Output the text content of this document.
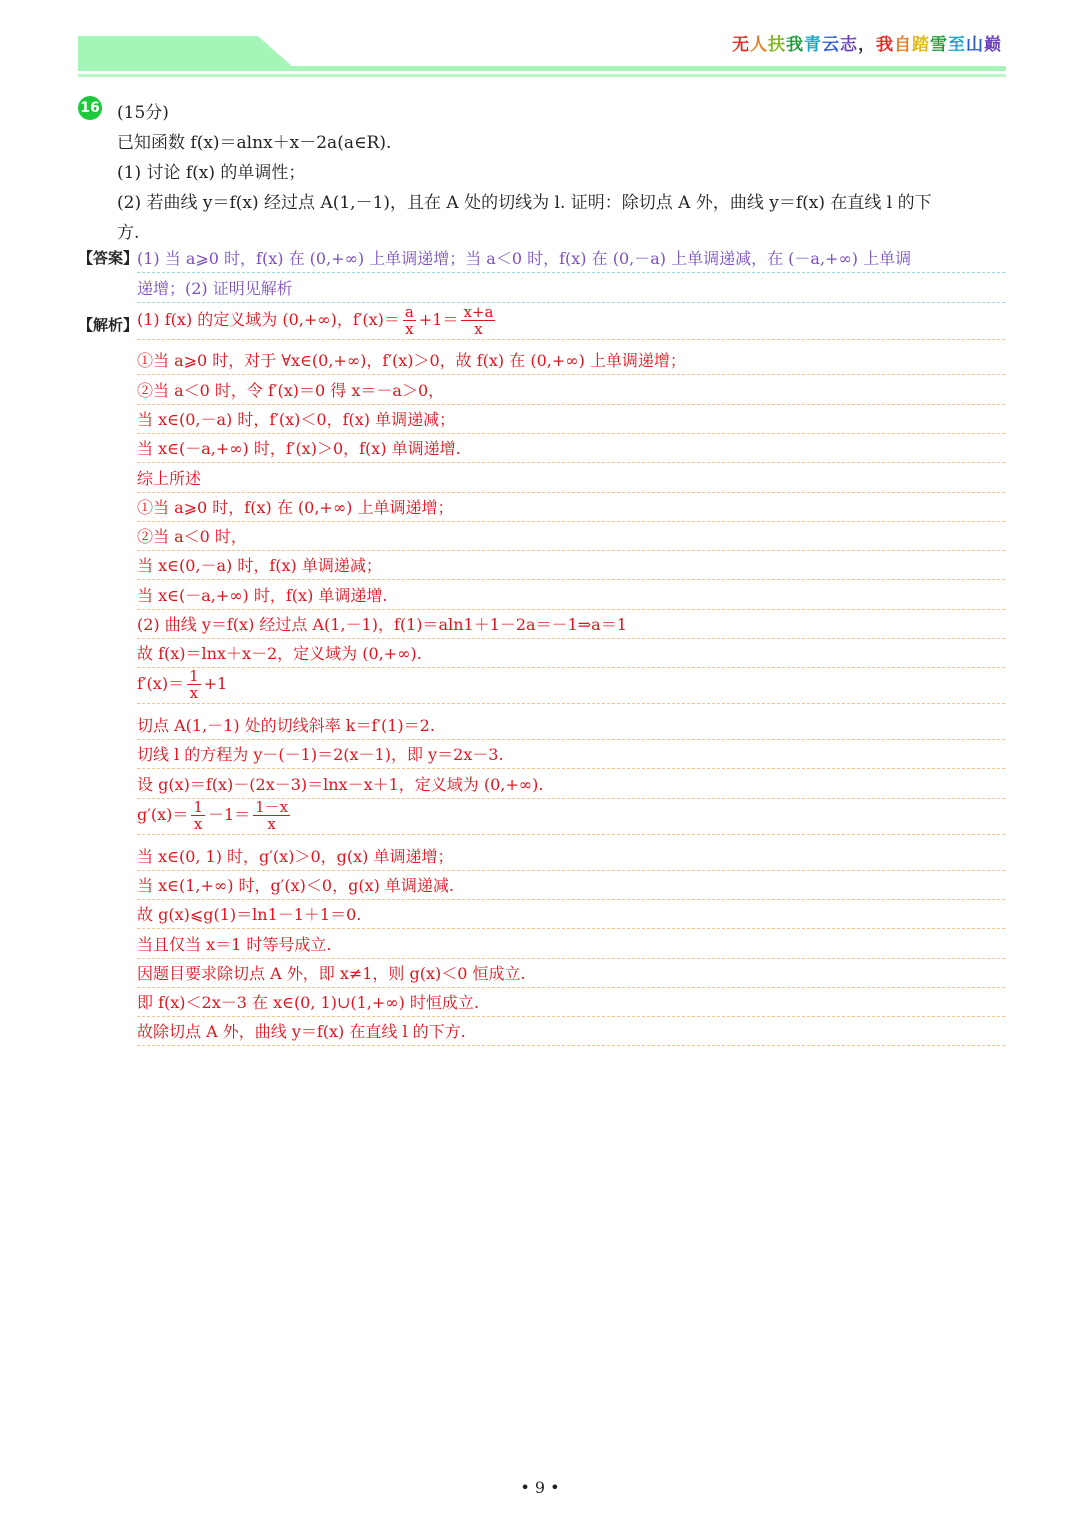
无人扶我青云志，我自踏雪至山巅
16 (15分)
已知函数 f(x)＝alnx＋x－2a(a∈R).
(1) 讨论 f(x) 的单调性；
(2) 若曲线 y＝f(x) 经过点 A(1,－1)，且在 A 处的切线为 l. 证明：除切点 A 外，曲线 y＝f(x) 在直线 l 的下
方.
【答案】
(1) 当 a⩾0 时，f(x) 在 (0,+∞) 上单调递增；当 a＜0 时，f(x) 在 (0,－a) 上单调递减，在 (－a,+∞) 上单调
递增；(2) 证明见解析
【解析】
(1) f(x) 的定义域为 (0,+∞)，$f'(x)= \frac{a}{x} +1= \frac{x+a}{x}$
①当 a⩾0 时，对于 ∀x∈(0,+∞)，f′(x)＞0，故 f(x) 在 (0,+∞) 上单调递增；
②当 a＜0 时，令 f′(x)＝0 得 x＝－a＞0，
当 x∈(0,－a) 时，f′(x)＜0，f(x) 单调递减；
当 x∈(－a,+∞) 时，f′(x)＞0，f(x) 单调递增.
综上所述
①当 a⩾0 时，f(x) 在 (0,+∞) 上单调递增；
②当 a＜0 时，
当 x∈(0,－a) 时，f(x) 单调递减；
当 x∈(－a,+∞) 时，f(x) 单调递增.
(2) 曲线 y＝f(x) 经过点 A(1,－1)，f(1)＝aln1＋1－2a＝－1⇒a＝1
故 f(x)＝lnx＋x－2，定义域为 (0,+∞).
$f'(x)= \frac{1}{x} +1$
切点 A(1,－1) 处的切线斜率 k＝f′(1)＝2.
切线 l 的方程为 y－(－1)＝2(x－1)，即 y＝2x－3.
设 g(x)＝f(x)－(2x－3)＝lnx－x＋1，定义域为 (0,+∞).
$g'(x)= \frac{1}{x} -1= \frac{1-x}{x}$
当 x∈(0, 1) 时，g′(x)＞0，g(x) 单调递增；
当 x∈(1,+∞) 时，g′(x)＜0，g(x) 单调递减.
故 g(x)⩽g(1)＝ln1－1＋1＝0.
当且仅当 x＝1 时等号成立.
因题目要求除切点 A 外，即 x≠1，则 g(x)＜0 恒成立.
即 f(x)＜2x－3 在 x∈(0, 1)∪(1,+∞) 时恒成立.
故除切点 A 外，曲线 y＝f(x) 在直线 l 的下方.
• 9 •
